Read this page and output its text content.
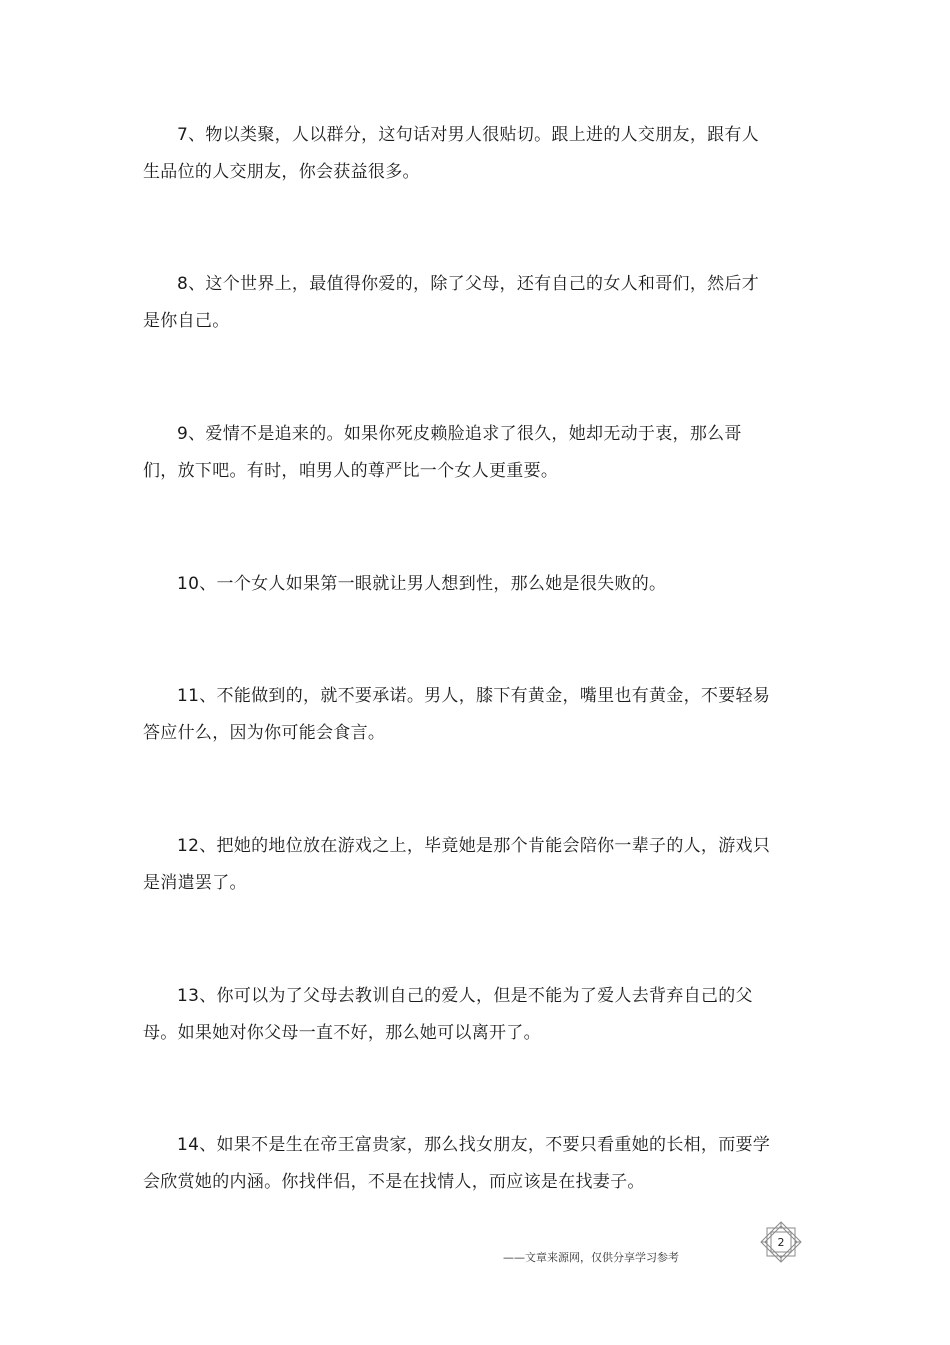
7、物以类聚，人以群分，这句话对男人很贴切。跟上进的人交朋友，跟有人生品位的人交朋友，你会获益很多。

8、这个世界上，最值得你爱的，除了父母，还有自己的女人和哥们，然后才是你自己。

9、爱情不是追来的。如果你死皮赖脸追求了很久，她却无动于衷，那么哥们，放下吧。有时，咱男人的尊严比一个女人更重要。

10、一个女人如果第一眼就让男人想到性，那么她是很失败的。

11、不能做到的，就不要承诺。男人，膝下有黄金，嘴里也有黄金，不要轻易答应什么，因为你可能会食言。

12、把她的地位放在游戏之上，毕竟她是那个肯能会陪你一辈子的人，游戏只是消遣罢了。

13、你可以为了父母去教训自己的爱人，但是不能为了爱人去背弃自己的父母。如果她对你父母一直不好，那么她可以离开了。

14、如果不是生在帝王富贵家，那么找女朋友，不要只看重她的长相，而要学会欣赏她的内涵。你找伴侣，不是在找情人，而应该是在找妻子。

——文章来源网，仅供分享学习参考
2
